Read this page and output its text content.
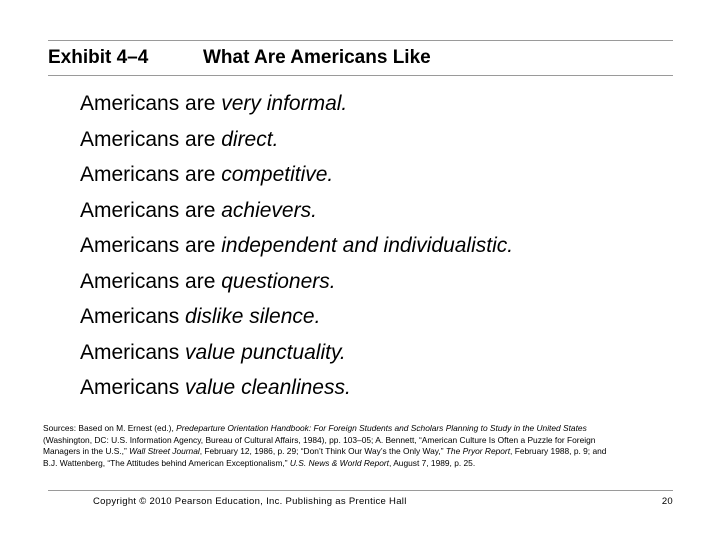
Exhibit 4–4	What Are Americans Like
Americans are very informal.
Americans are direct.
Americans are competitive.
Americans are achievers.
Americans are independent and individualistic.
Americans are questioners.
Americans dislike silence.
Americans value punctuality.
Americans value cleanliness.
Sources: Based on M. Ernest (ed.), Predeparture Orientation Handbook: For Foreign Students and Scholars Planning to Study in the United States (Washington, DC: U.S. Information Agency, Bureau of Cultural Affairs, 1984), pp. 103–05; A. Bennett, “American Culture Is Often a Puzzle for Foreign Managers in the U.S.,” Wall Street Journal, February 12, 1986, p. 29; “Don’t Think Our Way’s the Only Way,” The Pryor Report, February 1988, p. 9; and B.J. Wattenberg, “The Attitudes behind American Exceptionalism,” U.S. News & World Report, August 7, 1989, p. 25.
Copyright © 2010 Pearson Education, Inc. Publishing as Prentice Hall	20
